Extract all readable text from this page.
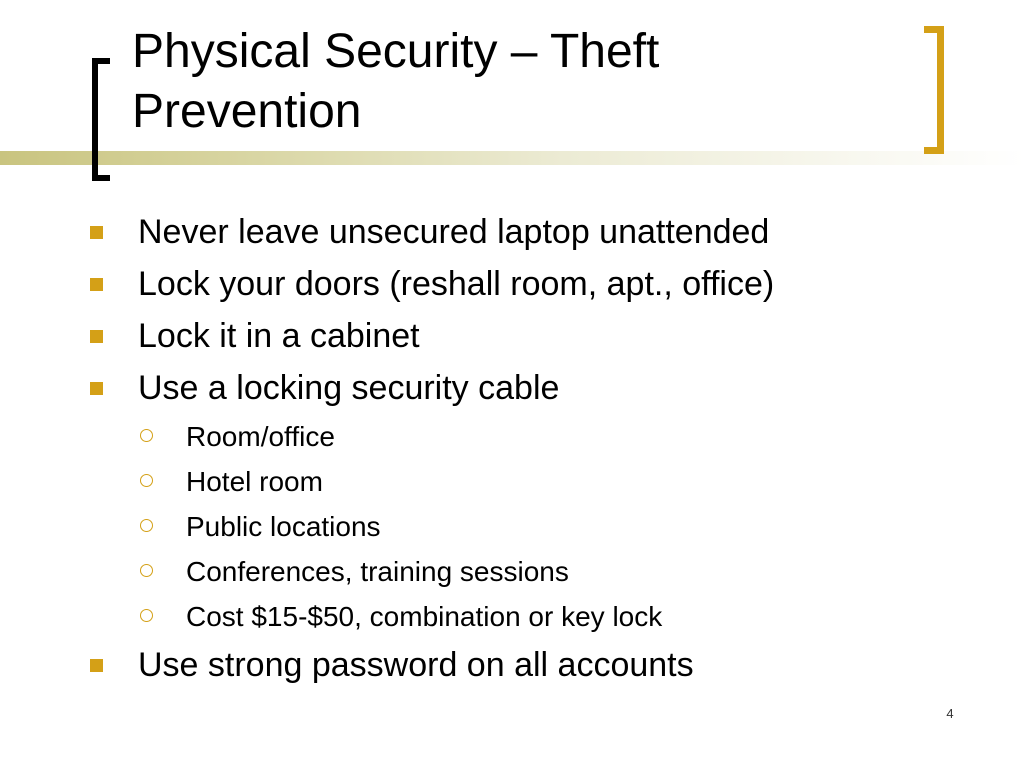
Physical Security – Theft
Prevention
Never leave unsecured laptop unattended
Lock your doors (reshall room, apt., office)
Lock it in a cabinet
Use a locking security cable
Room/office
Hotel room
Public locations
Conferences, training sessions
Cost $15-$50, combination or key lock
Use strong password on all accounts
4
